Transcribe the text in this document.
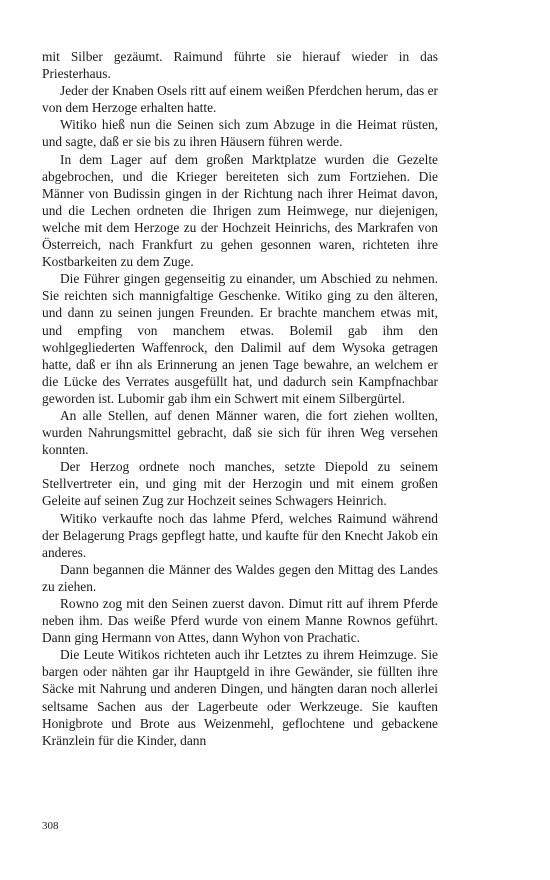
mit Silber gezäumt. Raimund führte sie hierauf wieder in das Priesterhaus.

Jeder der Knaben Osels ritt auf einem weißen Pferdchen herum, das er von dem Herzoge erhalten hatte.

Witiko hieß nun die Seinen sich zum Abzuge in die Heimat rüsten, und sagte, daß er sie bis zu ihren Häusern führen werde.

In dem Lager auf dem großen Marktplatze wurden die Gezelte abgebrochen, und die Krieger bereiteten sich zum Fortziehen. Die Männer von Budissin gingen in der Richtung nach ihrer Heimat davon, und die Lechen ordneten die Ihrigen zum Heimwege, nur diejenigen, welche mit dem Herzoge zu der Hochzeit Heinrichs, des Markrafen von Österreich, nach Frankfurt zu gehen gesonnen waren, richteten ihre Kostbarkeiten zu dem Zuge.

Die Führer gingen gegenseitig zu einander, um Abschied zu nehmen. Sie reichten sich mannigfaltige Geschenke. Witiko ging zu den älteren, und dann zu seinen jungen Freunden. Er brachte manchem etwas mit, und empfing von manchem etwas. Bolemil gab ihm den wohlgegliederten Waffenrock, den Dalimil auf dem Wysoka getragen hatte, daß er ihn als Erinnerung an jenen Tage bewahre, an welchem er die Lücke des Verrates ausgefüllt hat, und dadurch sein Kampfnachbar geworden ist. Lubomir gab ihm ein Schwert mit einem Silbergürtel.

An alle Stellen, auf denen Männer waren, die fort ziehen wollten, wurden Nahrungsmittel gebracht, daß sie sich für ihren Weg versehen konnten.

Der Herzog ordnete noch manches, setzte Diepold zu seinem Stellvertreter ein, und ging mit der Herzogin und mit einem großen Geleite auf seinen Zug zur Hochzeit seines Schwagers Heinrich.

Witiko verkaufte noch das lahme Pferd, welches Raimund während der Belagerung Prags gepflegt hatte, und kaufte für den Knecht Jakob ein anderes.

Dann begannen die Männer des Waldes gegen den Mittag des Landes zu ziehen.

Rowno zog mit den Seinen zuerst davon. Dimut ritt auf ihrem Pferde neben ihm. Das weiße Pferd wurde von einem Manne Rownos geführt. Dann ging Hermann von Attes, dann Wyhon von Prachatic.

Die Leute Witikos richteten auch ihr Letztes zu ihrem Heimzuge. Sie bargen oder nähten gar ihr Hauptgeld in ihre Gewänder, sie füllten ihre Säcke mit Nahrung und anderen Dingen, und hängten daran noch allerlei seltsame Sachen aus der Lagerbeute oder Werkzeuge. Sie kauften Honigbrote und Brote aus Weizenmehl, geflochtene und gebackene Kränzlein für die Kinder, dann

308
